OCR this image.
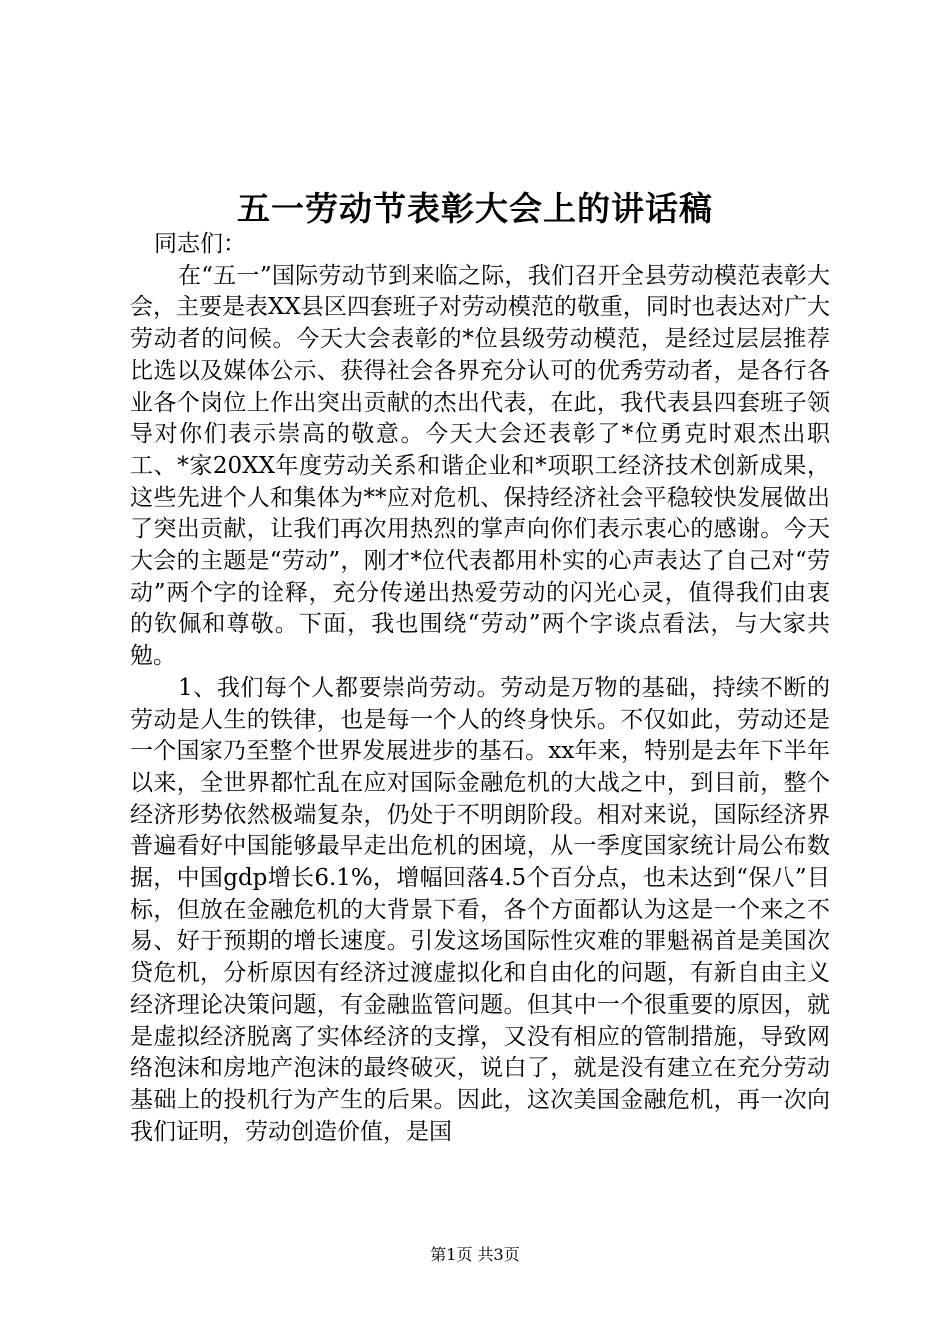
五一劳动节表彰大会上的讲话稿

同志们：

在“五一”国际劳动节到来临之际，我们召开全县劳动模范表彰大会，主要是表XX县区四套班子对劳动模范的敬重，同时也表达对广大劳动者的问候。今天大会表彰的*位县级劳动模范，是经过层层推荐比选以及媒体公示、获得社会各界充分认可的优秀劳动者，是各行各业各个岗位上作出突出贡献的杰出代表，在此，我代表县四套班子领导对你们表示崇高的敬意。今天大会还表彰了*位勇克时艰杰出职工、*家20XX年度劳动关系和谐企业和*项职工经济技术创新成果，这些先进个人和集体为**应对危机、保持经济社会平稳较快发展做出了突出贡献，让我们再次用热烈的掌声向你们表示衷心的感谢。今天大会的主题是“劳动”，刚才*位代表都用朴实的心声表达了自己对“劳动”两个字的诠释，充分传递出热爱劳动的闪光心灵，值得我们由衷的钦佩和尊敬。下面，我也围绕“劳动”两个字谈点看法，与大家共勉。

1、我们每个人都要崇尚劳动。劳动是万物的基础，持续不断的劳动是人生的铁律，也是每一个人的终身快乐。不仅如此，劳动还是一个国家乃至整个世界发展进步的基石。xx年来，特别是去年下半年以来，全世界都忙乱在应对国际金融危机的大战之中，到目前，整个经济形势依然极端复杂，仍处于不明朗阶段。相对来说，国际经济界普遍看好中国能够最早走出危机的困境，从一季度国家统计局公布数据，中国gdp增长6.1%，增幅回落4.5个百分点，也未达到“保八”目标，但放在金融危机的大背景下看，各个方面都认为这是一个来之不易、好于预期的增长速度。引发这场国际性灾难的罪魁祸首是美国次贷危机，分析原因有经济过渡虚拟化和自由化的问题，有新自由主义经济理论决策问题，有金融监管问题。但其中一个很重要的原因，就是虚拟经济脱离了实体经济的支撑，又没有相应的管制措施，导致网络泡沫和房地产泡沫的最终破灭，说白了，就是没有建立在充分劳动基础上的投机行为产生的后果。因此，这次美国金融危机，再一次向我们证明，劳动创造价值，是国

第1页 共3页
